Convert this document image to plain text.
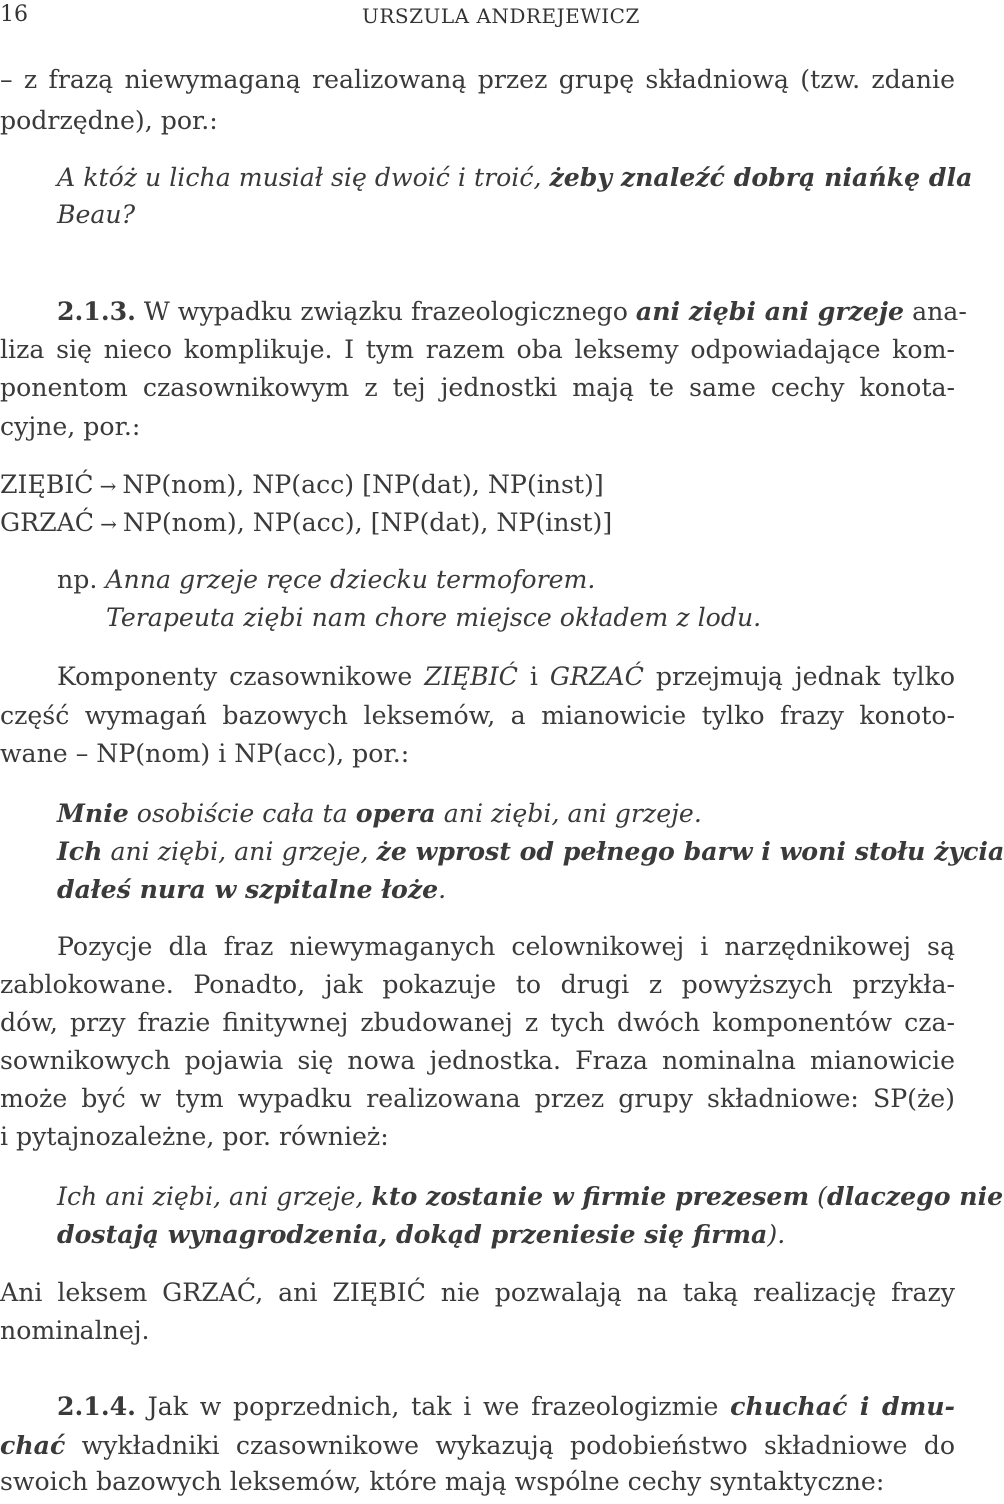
16	URSZULA ANDREJEWICZ
– z frazą niewymaganą realizowaną przez grupę składniową (tzw. zdanie
podrzędne), por.:
A któż u licha musiał się dwoić i troić, żeby znaleźć dobrą niańkę dla
Beau?
2.1.3. W wypadku związku frazeologicznego ani ziębi ani grzeje ana-
liza się nieco komplikuje. I tym razem oba leksemy odpowiadające kom-
ponentom czasownikowym z tej jednostki mają te same cechy konota-
cyjne, por.:
ZIĘBIĆ → NP(nom), NP(acc) [NP(dat), NP(inst)]
GRZAĆ → NP(nom), NP(acc), [NP(dat), NP(inst)]
np. Anna grzeje ręce dziecku termoforem.
Terapeuta ziębi nam chore miejsce okładem z lodu.
Komponenty czasownikowe ZIĘBIĆ i GRZAĆ przejmują jednak tylko
część wymagań bazowych leksemów, a mianowicie tylko frazy konoto-
wane – NP(nom) i NP(acc), por.:
Mnie osobiście cała ta opera ani ziębi, ani grzeje.
Ich ani ziębi, ani grzeje, że wprost od pełnego barw i woni stołu życia
dałeś nura w szpitalne łoże.
Pozycje dla fraz niewymaganych celownikowej i narzędnikowej są
zablokowane. Ponadto, jak pokazuje to drugi z powyższych przykła-
dów, przy frazie finitywnej zbudowanej z tych dwóch komponentów cza-
sownikowych pojawia się nowa jednostka. Fraza nominalna mianowicie
może być w tym wypadku realizowana przez grupy składniowe: SP(że)
i pytajnozależne, por. również:
Ich ani ziębi, ani grzeje, kto zostanie w firmie prezesem (dlaczego nie
dostają wynagrodzenia, dokąd przeniesie się firma).
Ani leksem GRZAĆ, ani ZIĘBIĆ nie pozwalają na taką realizację frazy
nominalnej.
2.1.4. Jak w poprzednich, tak i we frazeologizmie chuchać i dmu-
chać wykładniki czasownikowe wykazują podobieństwo składniowe do
swoich bazowych leksemów, które mają wspólne cechy syntaktyczne:
